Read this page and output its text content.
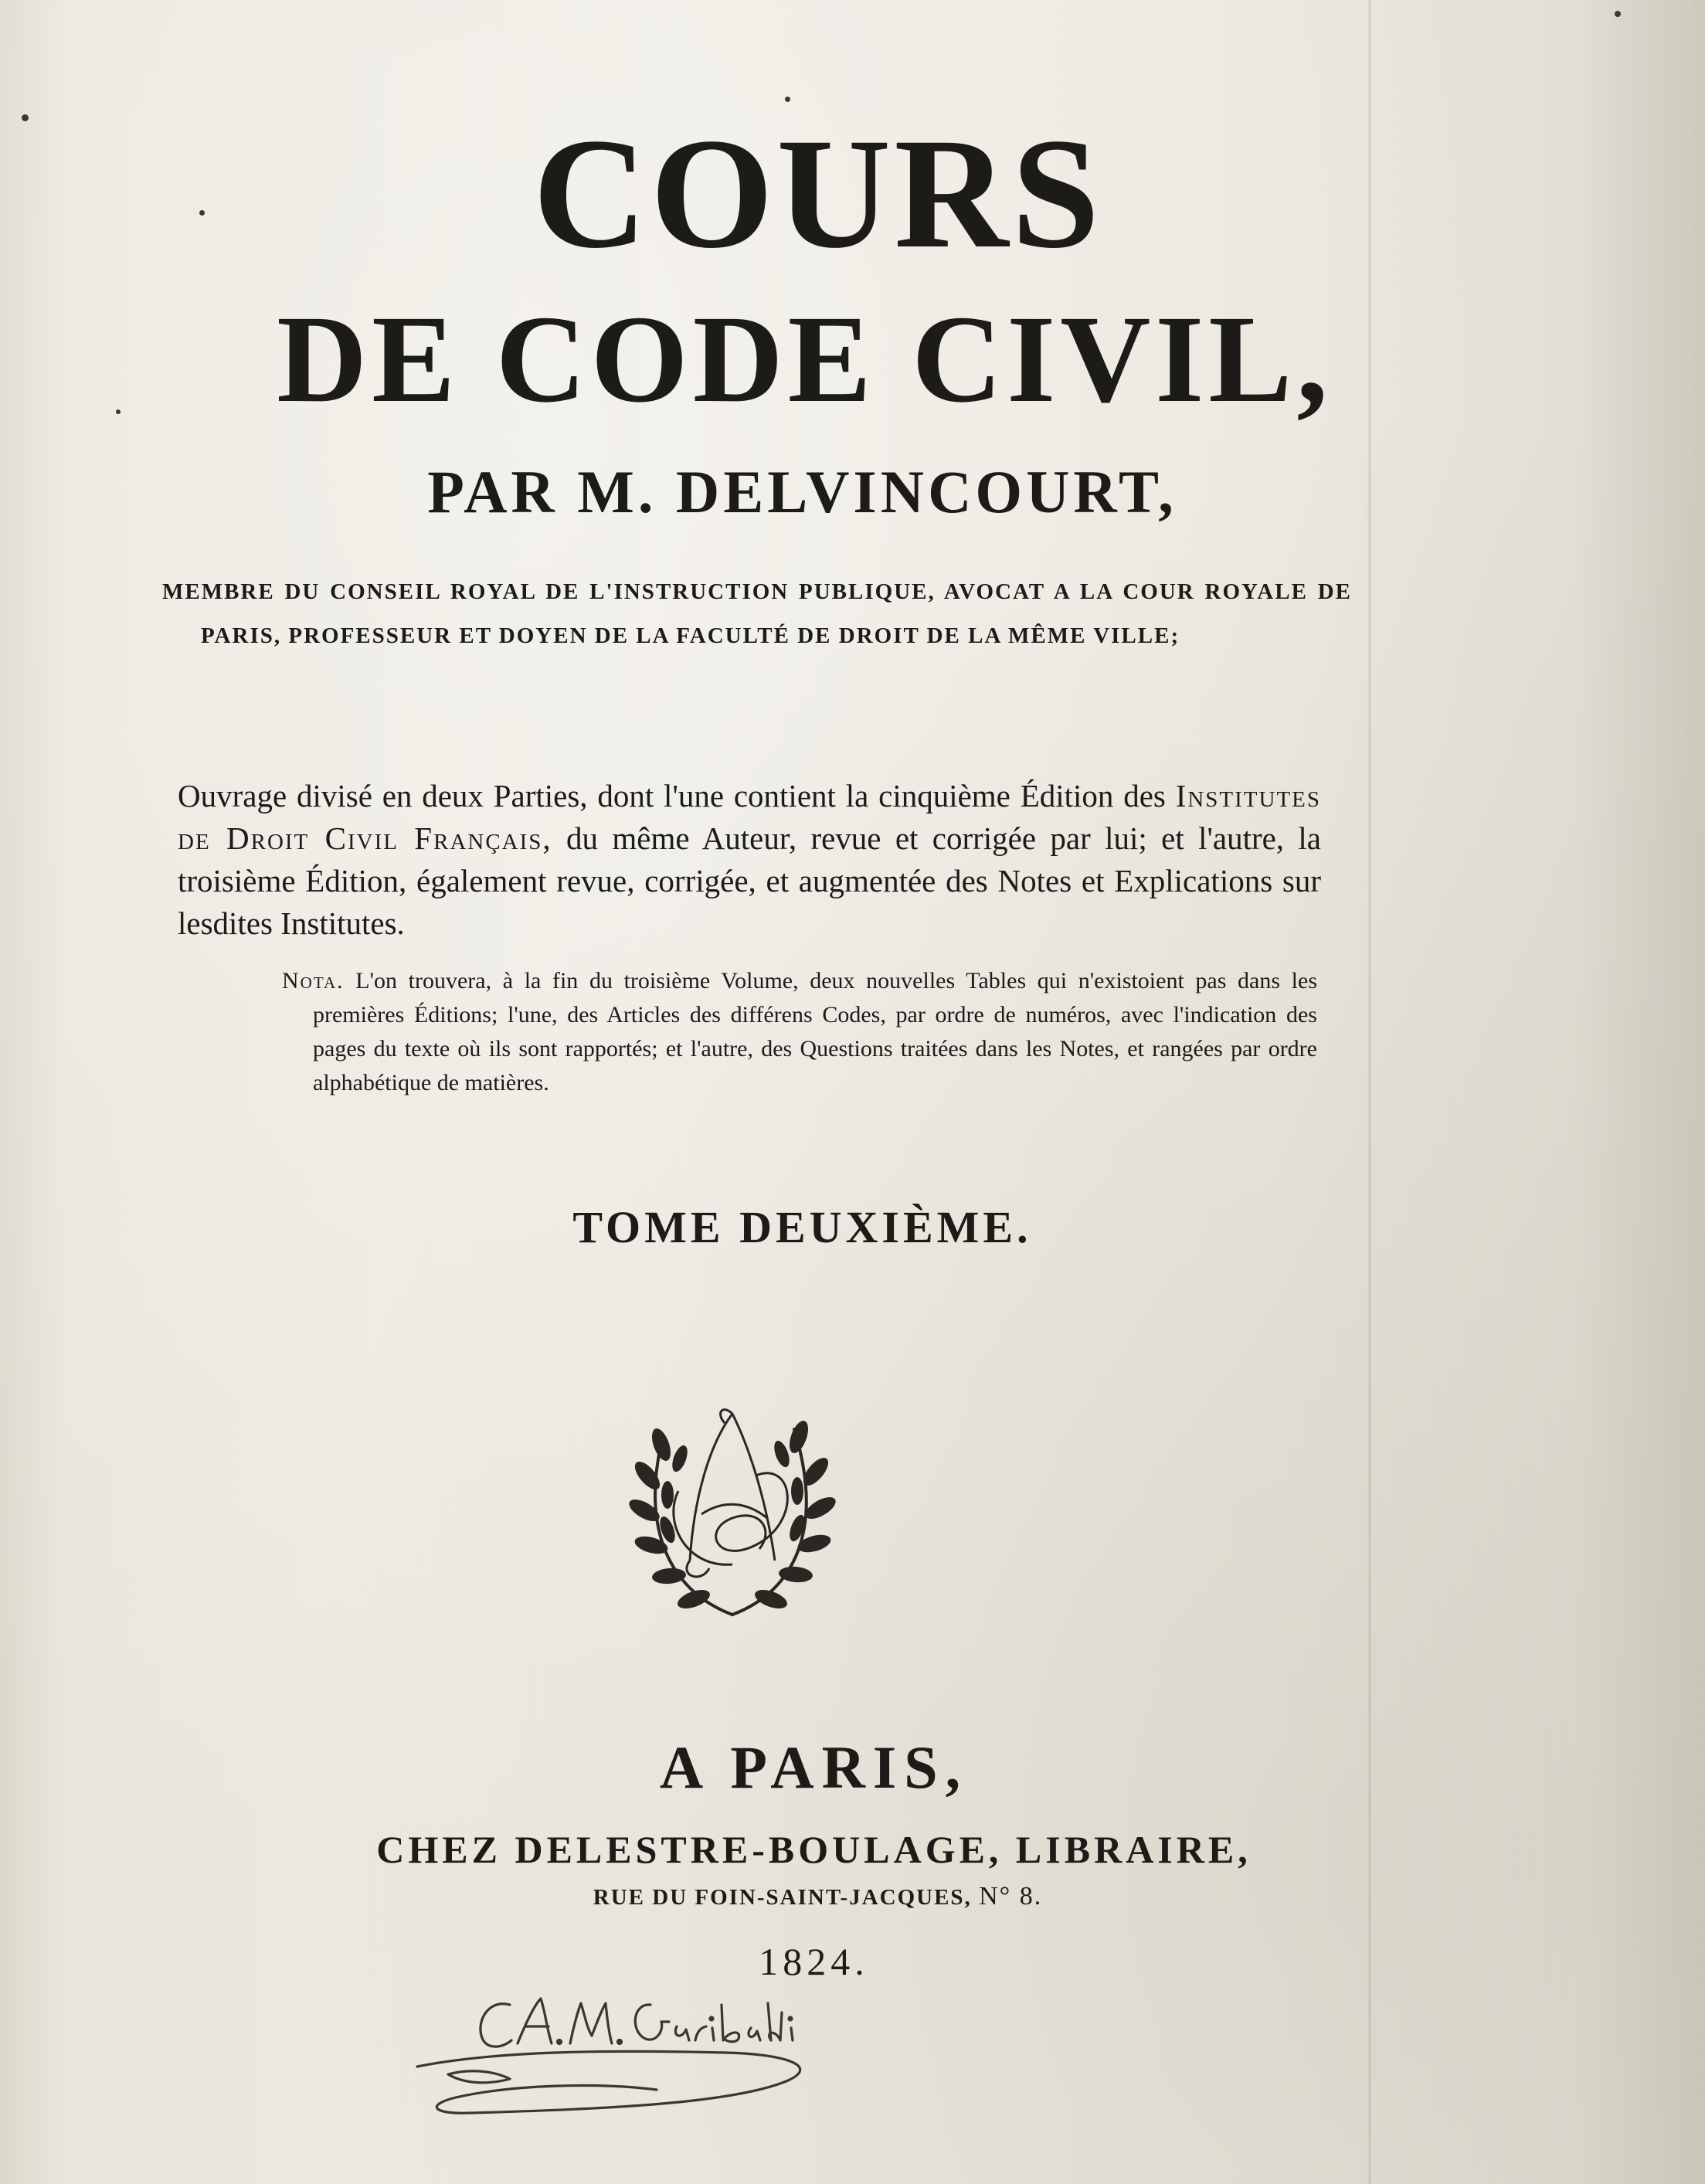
COURS
DE CODE CIVIL,
PAR M. DELVINCOURT,
MEMBRE DU CONSEIL ROYAL DE L'INSTRUCTION PUBLIQUE, AVOCAT A LA COUR ROYALE DE PARIS, PROFESSEUR ET DOYEN DE LA FACULTÉ DE DROIT DE LA MÊME VILLE;

Ouvrage divisé en deux Parties, dont l'une contient la cinquième Édition des Institutes de Droit Civil Français, du même Auteur, revue et corrigée par lui; et l'autre, la troisième Édition, également revue, corrigée, et augmentée des Notes et Explications sur lesdites Institutes.

Nota. L'on trouvera, à la fin du troisième Volume, deux nouvelles Tables qui n'existoient pas dans les premières Éditions; l'une, des Articles des différens Codes, par ordre de numéros, avec l'indication des pages du texte où ils sont rapportés; et l'autre, des Questions traitées dans les Notes, et rangées par ordre alphabétique de matières.
TOME DEUXIÈME.
A PARIS,
CHEZ DELESTRE-BOULAGE, LIBRAIRE,
RUE DU FOIN-SAINT-JACQUES, N° 8.
1824.
